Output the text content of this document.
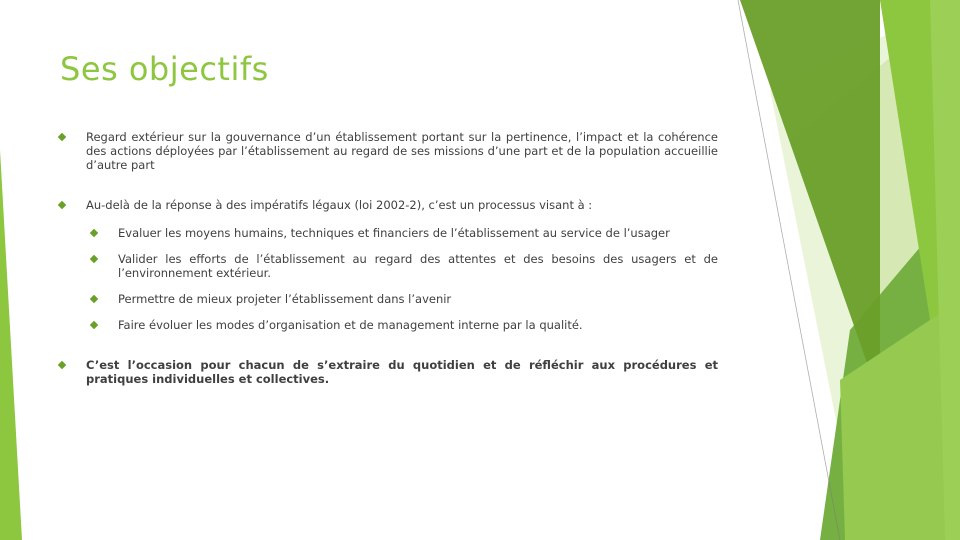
Ses objectifs
Regard extérieur sur la gouvernance d’un établissement portant sur la pertinence, l’impact et la cohérence des actions déployées par l’établissement au regard de ses missions d’une part et de la population accueillie d’autre part
Au-delà de la réponse à des impératifs légaux (loi 2002-2), c’est un processus visant à :
Evaluer les moyens humains, techniques et financiers de l’établissement au service de l’usager
Valider les efforts de l’établissement au regard des attentes et des besoins des usagers et de l’environnement extérieur.
Permettre de mieux projeter l’établissement dans l’avenir
Faire évoluer les modes d’organisation et de management interne par la qualité.
C’est l’occasion pour chacun de s’extraire du quotidien et de réfléchir aux procédures et pratiques individuelles et collectives.
